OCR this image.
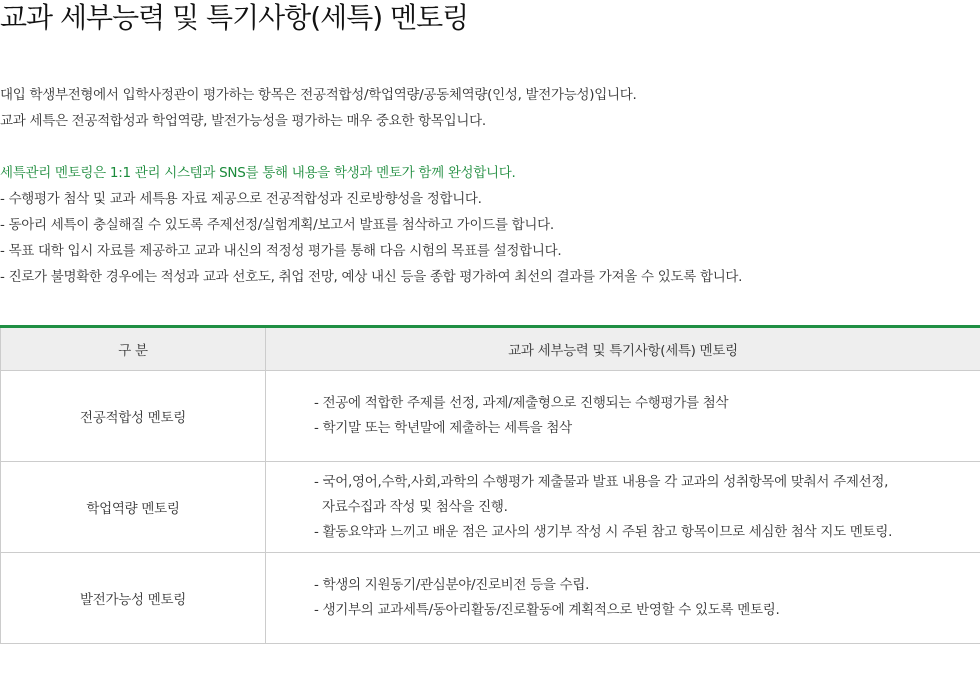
교과 세부능력 및 특기사항(세특) 멘토링
대입 학생부전형에서 입학사정관이 평가하는 항목은 전공적합성/학업역량/공동체역량(인성, 발전가능성)입니다.
교과 세특은 전공적합성과 학업역량, 발전가능성을 평가하는 매우 중요한 항목입니다.
세특관리 멘토링은 1:1 관리 시스템과 SNS를 통해 내용을 학생과 멘토가 함께 완성합니다.
- 수행평가 첨삭 및 교과 세특용 자료 제공으로 전공적합성과 진로방향성을 정합니다.
- 동아리 세특이 충실해질 수 있도록 주제선정/실험계획/보고서 발표를 첨삭하고 가이드를 합니다.
- 목표 대학 입시 자료를 제공하고 교과 내신의 적정성 평가를 통해 다음 시험의 목표를 설정합니다.
- 진로가 불명확한 경우에는 적성과 교과 선호도, 취업 전망, 예상 내신 등을 종합 평가하여 최선의 결과를 가져올 수 있도록 합니다.
구 분	교과 세부능력 및 특기사항(세특) 멘토링
전공적합성 멘토링	- 전공에 적합한 주제를 선정, 과제/제출형으로 진행되는 수행평가를 첨삭
- 학기말 또는 학년말에 제출하는 세특을 첨삭

학업역량 멘토링	- 국어,영어,수학,사회,과학의 수행평가 제출물과 발표 내용을 각 교과의 성취항목에 맞춰서 주제선정,
자료수집과 작성 및 첨삭을 진행.
- 활동요약과 느끼고 배운 점은 교사의 생기부 작성 시 주된 참고 항목이므로 세심한 첨삭 지도 멘토링.

발전가능성 멘토링	- 학생의 지원동기/관심분야/진로비전 등을 수립.
- 생기부의 교과세특/동아리활동/진로활동에 계획적으로 반영할 수 있도록 멘토링.
